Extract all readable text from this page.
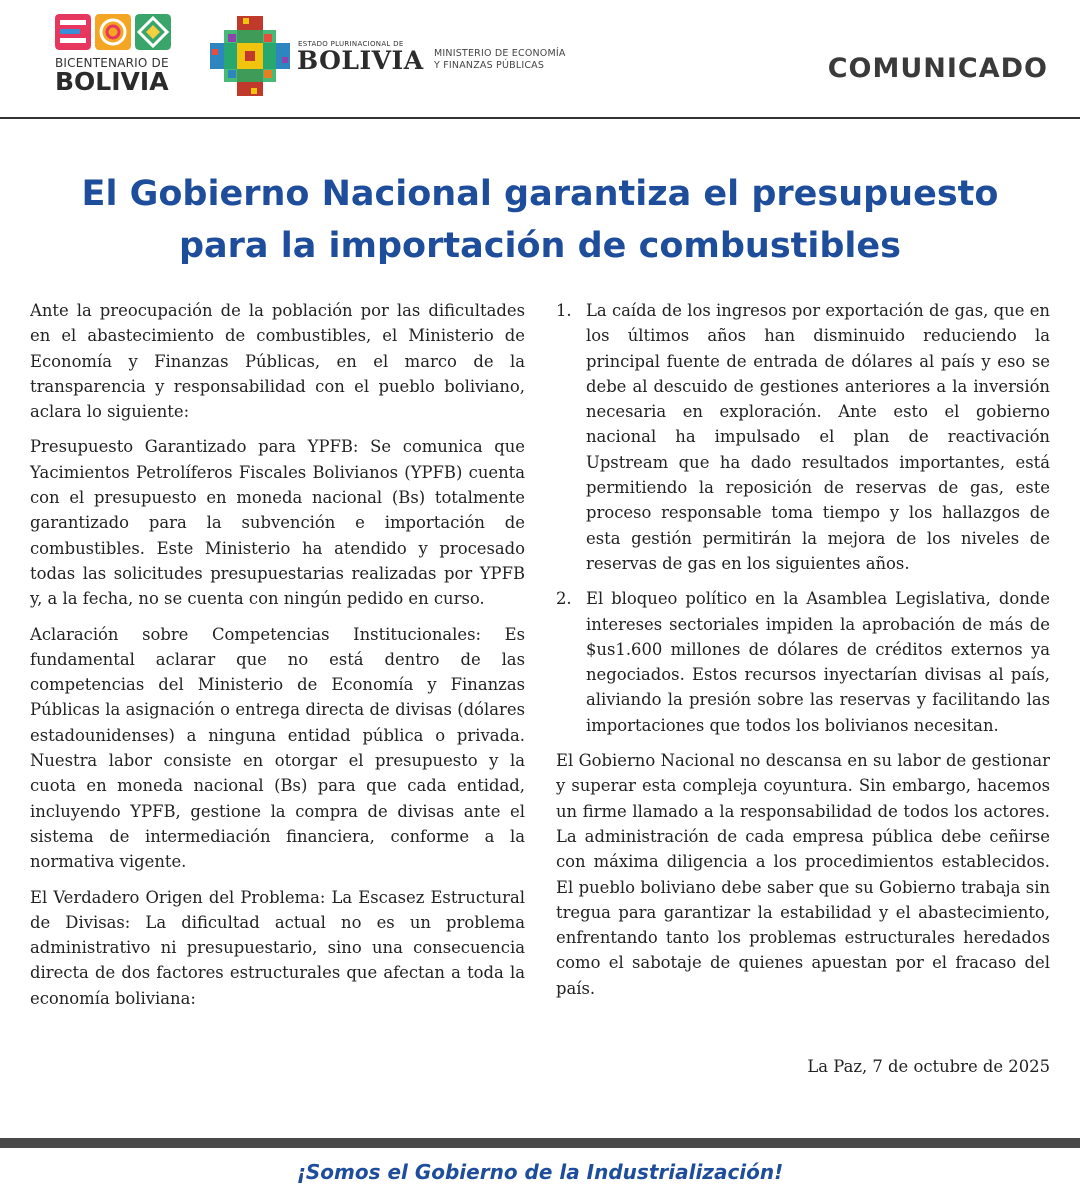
BICENTENARIO DE
BOLIVIA
ESTADO PLURINACIONAL DE
BOLIVIA MINISTERIO DE ECONOMÍA
Y FINANZAS PÚBLICAS	COMUNICADO
El Gobierno Nacional garantiza el presupuesto
para la importación de combustibles

Ante la preocupación de la población por las dificultades en el abastecimiento de combustibles, el Ministerio de Economía y Finanzas Públicas, en el marco de la transparencia y responsabilidad con el pueblo boliviano, aclara lo siguiente:

Presupuesto Garantizado para YPFB: Se comunica que Yacimientos Petrolíferos Fiscales Bolivianos (YPFB) cuenta con el presupuesto en moneda nacional (Bs) totalmente garantizado para la subvención e importación de combustibles. Este Ministerio ha atendido y procesado todas las solicitudes presupuestarias realizadas por YPFB y, a la fecha, no se cuenta con ningún pedido en curso.

Aclaración sobre Competencias Institucionales: Es fundamental aclarar que no está dentro de las competencias del Ministerio de Economía y Finanzas Públicas la asignación o entrega directa de divisas (dólares estadounidenses) a ninguna entidad pública o privada. Nuestra labor consiste en otorgar el presupuesto y la cuota en moneda nacional (Bs) para que cada entidad, incluyendo YPFB, gestione la compra de divisas ante el sistema de intermediación financiera, conforme a la normativa vigente.

El Verdadero Origen del Problema: La Escasez Estructural de Divisas: La dificultad actual no es un problema administrativo ni presupuestario, sino una consecuencia directa de dos factores estructurales que afectan a toda la economía boliviana:

1. La caída de los ingresos por exportación de gas, que en los últimos años han disminuido reduciendo la principal fuente de entrada de dólares al país y eso se debe al descuido de gestiones anteriores a la inversión necesaria en exploración. Ante esto el gobierno nacional ha impulsado el plan de reactivación Upstream que ha dado resultados importantes, está permitiendo la reposición de reservas de gas, este proceso responsable toma tiempo y los hallazgos de esta gestión permitirán la mejora de los niveles de reservas de gas en los siguientes años.
2. El bloqueo político en la Asamblea Legislativa, donde intereses sectoriales impiden la aprobación de más de $us1.600 millones de dólares de créditos externos ya negociados. Estos recursos inyectarían divisas al país, aliviando la presión sobre las reservas y facilitando las importaciones que todos los bolivianos necesitan.

El Gobierno Nacional no descansa en su labor de gestionar y superar esta compleja coyuntura. Sin embargo, hacemos un firme llamado a la responsabilidad de todos los actores. La administración de cada empresa pública debe ceñirse con máxima diligencia a los procedimientos establecidos. El pueblo boliviano debe saber que su Gobierno trabaja sin tregua para garantizar la estabilidad y el abastecimiento, enfrentando tanto los problemas estructurales heredados como el sabotaje de quienes apuestan por el fracaso del país.

La Paz, 7 de octubre de 2025
¡Somos el Gobierno de la Industrialización!
